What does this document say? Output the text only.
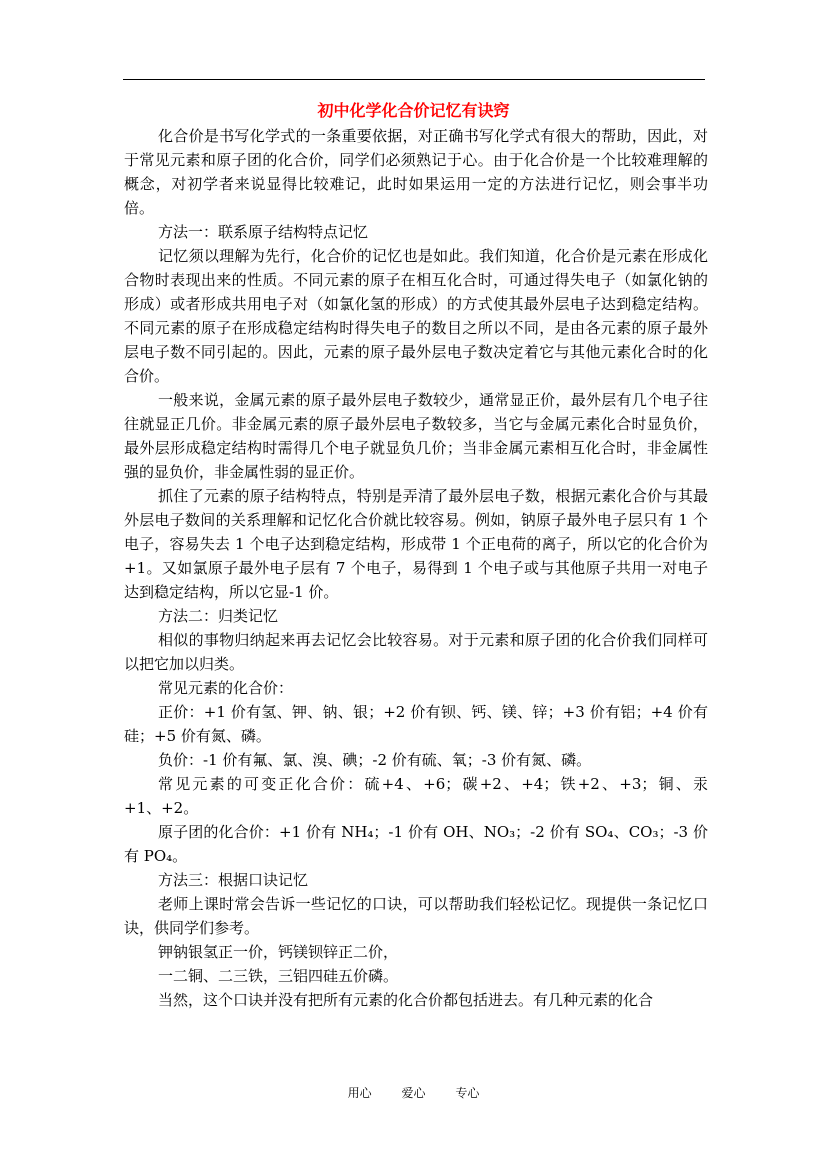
初中化学化合价记忆有诀窍

化合价是书写化学式的一条重要依据，对正确书写化学式有很大的帮助，因此，对于常见元素和原子团的化合价，同学们必须熟记于心。由于化合价是一个比较难理解的概念，对初学者来说显得比较难记，此时如果运用一定的方法进行记忆，则会事半功倍。

方法一：联系原子结构特点记忆

记忆须以理解为先行，化合价的记忆也是如此。我们知道，化合价是元素在形成化合物时表现出来的性质。不同元素的原子在相互化合时，可通过得失电子（如氯化钠的形成）或者形成共用电子对（如氯化氢的形成）的方式使其最外层电子达到稳定结构。不同元素的原子在形成稳定结构时得失电子的数目之所以不同，是由各元素的原子最外层电子数不同引起的。因此，元素的原子最外层电子数决定着它与其他元素化合时的化合价。

一般来说，金属元素的原子最外层电子数较少，通常显正价，最外层有几个电子往往就显正几价。非金属元素的原子最外层电子数较多，当它与金属元素化合时显负价，最外层形成稳定结构时需得几个电子就显负几价；当非金属元素相互化合时，非金属性强的显负价，非金属性弱的显正价。

抓住了元素的原子结构特点，特别是弄清了最外层电子数，根据元素化合价与其最外层电子数间的关系理解和记忆化合价就比较容易。例如，钠原子最外电子层只有 1 个电子，容易失去 1 个电子达到稳定结构，形成带 1 个正电荷的离子，所以它的化合价为+1。又如氯原子最外电子层有 7 个电子，易得到 1 个电子或与其他原子共用一对电子达到稳定结构，所以它显-1 价。

方法二：归类记忆

相似的事物归纳起来再去记忆会比较容易。对于元素和原子团的化合价我们同样可以把它加以归类。

常见元素的化合价：

正价：+1 价有氢、钾、钠、银；+2 价有钡、钙、镁、锌；+3 价有铝；+4 价有硅；+5 价有氮、磷。

负价：-1 价有氟、氯、溴、碘；-2 价有硫、氧；-3 价有氮、磷。

常见元素的可变正化合价：硫+4、+6；碳+2、+4；铁+2、+3；铜、汞+1、+2。

原子团的化合价：+1 价有 NH₄；-1 价有 OH、NO₃；-2 价有 SO₄、CO₃；-3 价有 PO₄。

方法三：根据口诀记忆

老师上课时常会告诉一些记忆的口诀，可以帮助我们轻松记忆。现提供一条记忆口诀，供同学们参考。

钾钠银氢正一价，钙镁钡锌正二价，

一二铜、二三铁，三铝四硅五价磷。

当然，这个口诀并没有把所有元素的化合价都包括进去。有几种元素的化合

用心 爱心 专心
